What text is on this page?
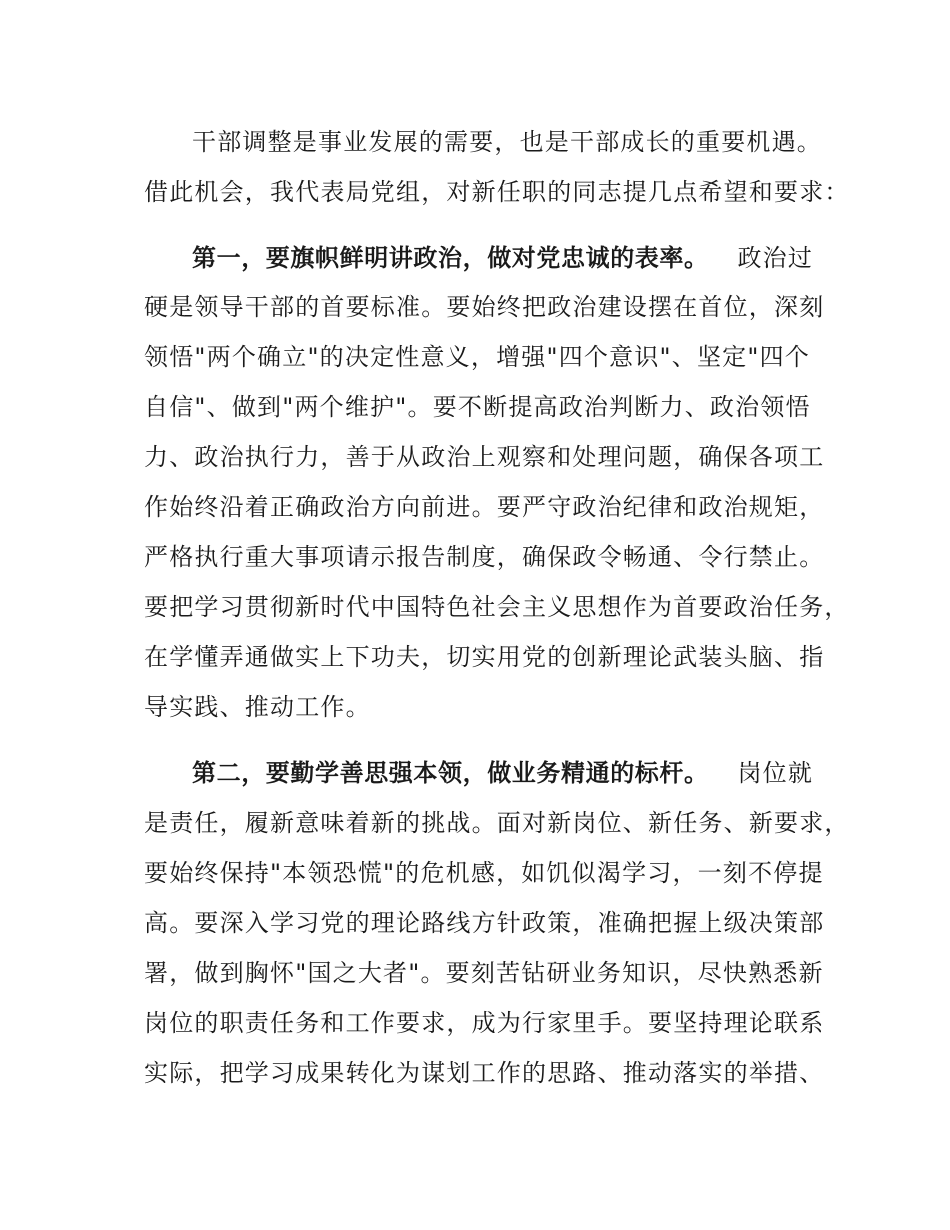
干部调整是事业发展的需要，也是干部成长的重要机遇。
借此机会，我代表局党组，对新任职的同志提几点希望和要求：
第一，要旗帜鲜明讲政治，做对党忠诚的表率。 政治过
硬是领导干部的首要标准。要始终把政治建设摆在首位，深刻
领悟"两个确立"的决定性意义，增强"四个意识"、坚定"四个
自信"、做到"两个维护"。要不断提高政治判断力、政治领悟
力、政治执行力，善于从政治上观察和处理问题，确保各项工
作始终沿着正确政治方向前进。要严守政治纪律和政治规矩，
严格执行重大事项请示报告制度，确保政令畅通、令行禁止。
要把学习贯彻新时代中国特色社会主义思想作为首要政治任务，
在学懂弄通做实上下功夫，切实用党的创新理论武装头脑、指
导实践、推动工作。
第二，要勤学善思强本领，做业务精通的标杆。 岗位就
是责任，履新意味着新的挑战。面对新岗位、新任务、新要求，
要始终保持"本领恐慌"的危机感，如饥似渴学习，一刻不停提
高。要深入学习党的理论路线方针政策，准确把握上级决策部
署，做到胸怀"国之大者"。要刻苦钻研业务知识，尽快熟悉新
岗位的职责任务和工作要求，成为行家里手。要坚持理论联系
实际，把学习成果转化为谋划工作的思路、推动落实的举措、
